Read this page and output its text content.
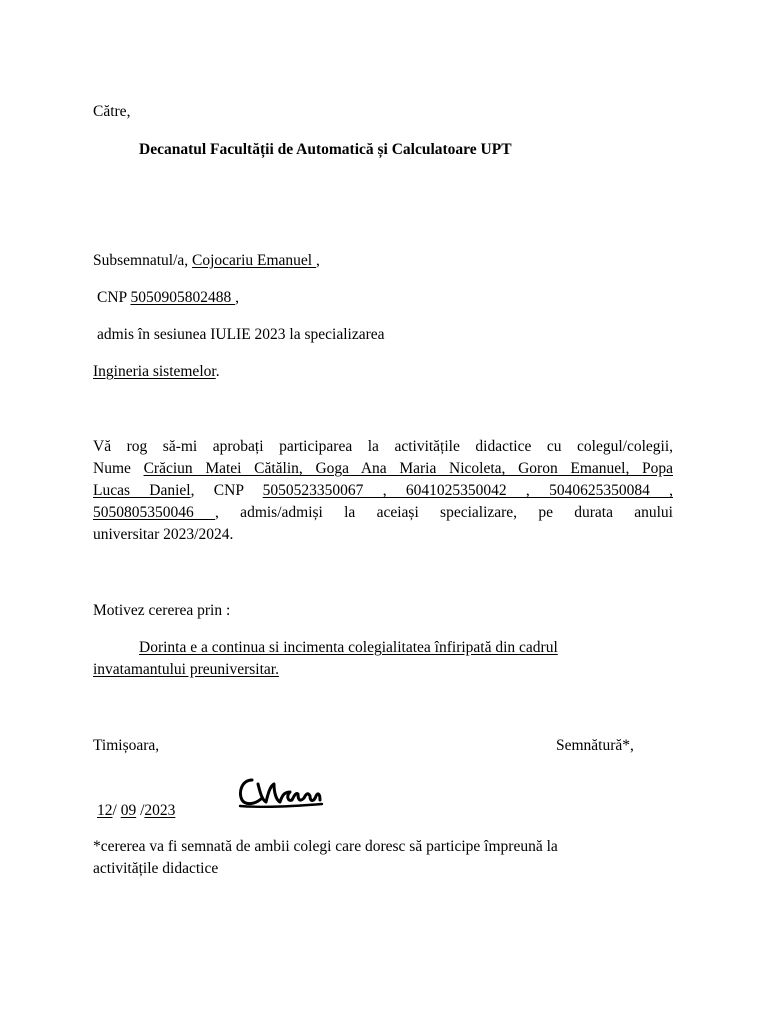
Către,
Decanatul Facultății de Automatică și Calculatoare UPT
Subsemnatul/a, Cojocariu Emanuel ,
CNP 5050905802488 ,
admis în sesiunea IULIE 2023 la specializarea
Ingineria sistemelor.
Vă rog să-mi aprobați participarea la activitățile didactice cu colegul/colegii,
Nume Crăciun Matei Cătălin, Goga Ana Maria Nicoleta, Goron Emanuel, Popa
Lucas Daniel, CNP 5050523350067 , 6041025350042 , 5040625350084 ,
5050805350046 , admis/admiși la aceiași specializare, pe durata anului
universitar 2023/2024.
Motivez cererea prin :
Dorinta e a continua si incimenta colegialitatea înfiripată din cadrul
invatamantului preuniversitar.
Timișoara,	Semnătură*,
12/ 09 /2023
*cererea va fi semnată de ambii colegi care doresc să participe împreună la
activitățile didactice
